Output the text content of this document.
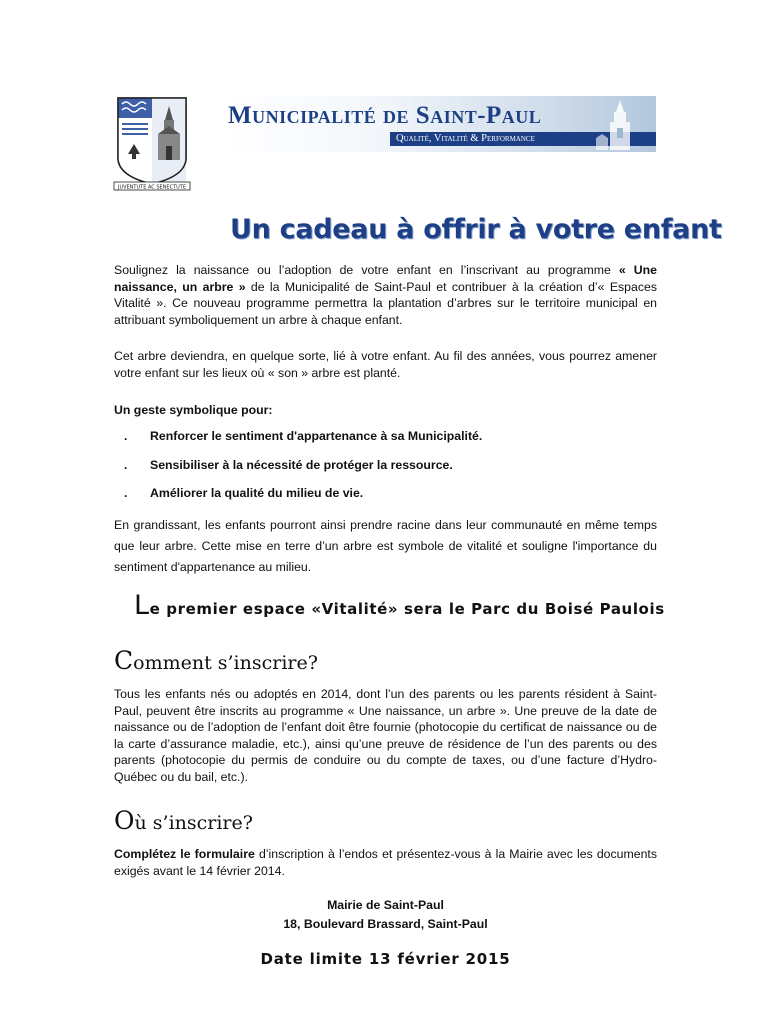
JUVENTUTE AC SENECTUTE
Municipalité de Saint-Paul
Qualité, Vitalité & Performance
Un cadeau à offrir à votre enfant
Soulignez la naissance ou l’adoption de votre enfant en l’inscrivant au programme « Une naissance, un arbre » de la Municipalité de Saint-Paul et contribuer à la création d’« Espaces Vitalité ». Ce nouveau programme permettra la plantation d’arbres sur le territoire municipal en attribuant symboliquement un arbre à chaque enfant.
Cet arbre deviendra, en quelque sorte, lié à votre enfant. Au fil des années, vous pourrez amener votre enfant sur les lieux où « son » arbre est planté.
Un geste symbolique pour:
.	Renforcer le sentiment d'appartenance à sa Municipalité.
.	Sensibiliser à la nécessité de protéger la ressource.
.	Améliorer la qualité du milieu de vie.
En grandissant, les enfants pourront ainsi prendre racine dans leur communauté en même temps que leur arbre. Cette mise en terre d’un arbre est symbole de vitalité et souligne l'importance du sentiment d'appartenance au milieu.
Le premier espace «Vitalité» sera le Parc du Boisé Paulois
Comment s’inscrire?
Tous les enfants nés ou adoptés en 2014, dont l’un des parents ou les parents résident à Saint-Paul, peuvent être inscrits au programme « Une naissance, un arbre ». Une preuve de la date de naissance ou de l’adoption de l’enfant doit être fournie (photocopie du certificat de naissance ou de la carte d’assurance maladie, etc.), ainsi qu’une preuve de résidence de l’un des parents ou des parents (photocopie du permis de conduire ou du compte de taxes, ou d’une facture d’Hydro-Québec ou du bail, etc.).
Où s’inscrire?
Complétez le formulaire d’inscription à l’endos et présentez-vous à la Mairie avec les documents exigés avant le 14 février 2014.
Mairie de Saint-Paul
18, Boulevard Brassard, Saint-Paul
Date limite 13 février 2015
